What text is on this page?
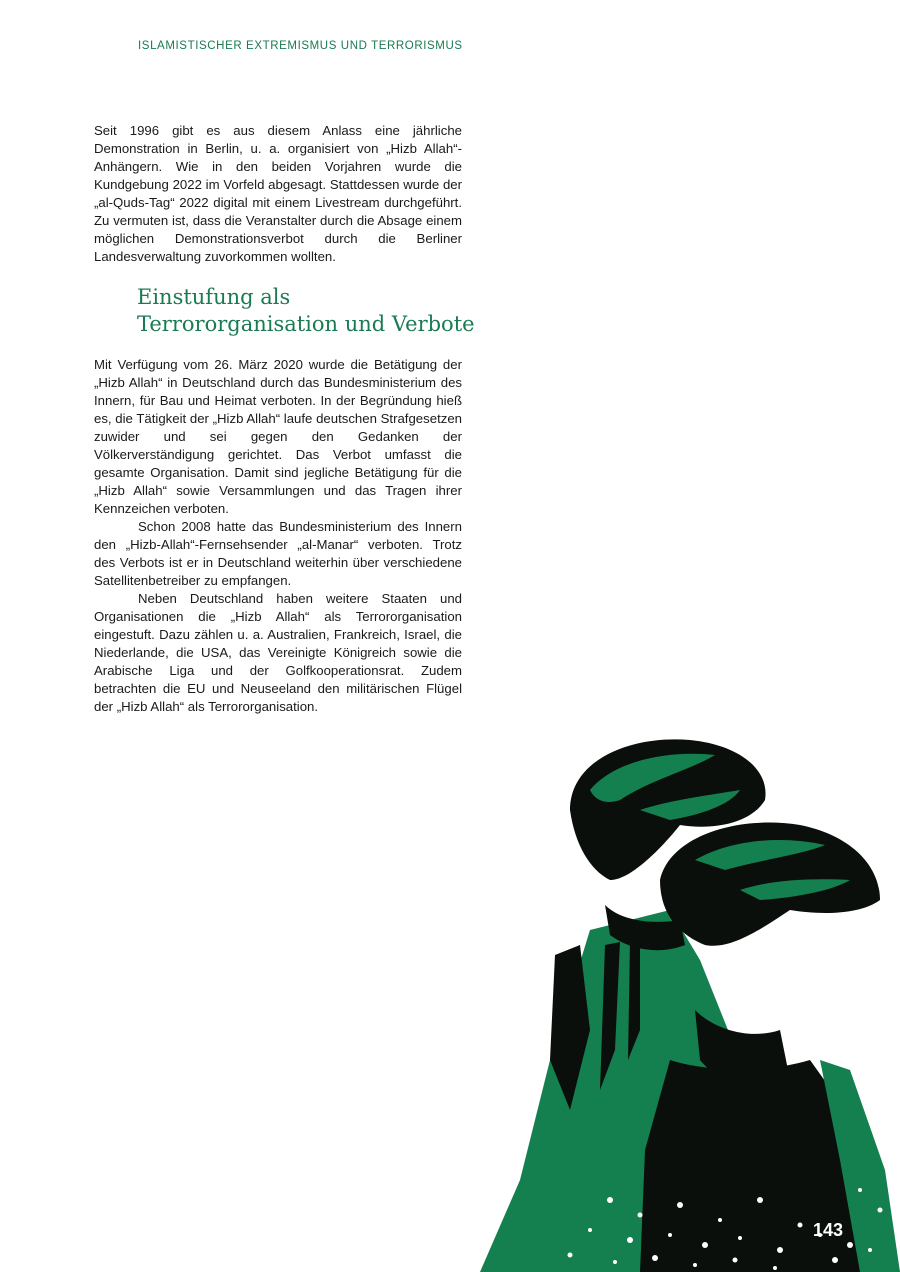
ISLAMISTISCHER EXTREMISMUS UND TERRORISMUS

Seit 1996 gibt es aus diesem Anlass eine jährliche Demonstration in Berlin, u. a. organisiert von „Hizb Allah“-Anhängern. Wie in den beiden Vorjahren wurde die Kundgebung 2022 im Vorfeld abgesagt. Stattdessen wurde der „al-Quds-Tag“ 2022 digital mit einem Livestream durchgeführt. Zu vermuten ist, dass die Veranstalter durch die Absage einem möglichen Demonstrationsverbot durch die Berliner Landesverwaltung zuvorkommen wollten.

Einstufung als Terrororganisation und Verbote

Mit Verfügung vom 26. März 2020 wurde die Betätigung der „Hizb Allah“ in Deutschland durch das Bundesministerium des Innern, für Bau und Heimat verboten. In der Begründung hieß es, die Tätigkeit der „Hizb Allah“ laufe deutschen Strafgesetzen zuwider und sei gegen den Gedanken der Völkerverständigung gerichtet. Das Verbot umfasst die gesamte Organisation. Damit sind jegliche Betätigung für die „Hizb Allah“ sowie Versammlungen und das Tragen ihrer Kennzeichen verboten.

Schon 2008 hatte das Bundesministerium des Innern den „Hizb-Allah“-Fernsehsender „al-Manar“ verboten. Trotz des Verbots ist er in Deutschland weiterhin über verschiedene Satellitenbetreiber zu empfangen.

Neben Deutschland haben weitere Staaten und Organisationen die „Hizb Allah“ als Terrororganisation eingestuft. Dazu zählen u. a. Australien, Frankreich, Israel, die Niederlande, die USA, das Vereinigte Königreich sowie die Arabische Liga und der Golfkooperationsrat. Zudem betrachten die EU und Neuseeland den militärischen Flügel der „Hizb Allah“ als Terrororganisation.

143
